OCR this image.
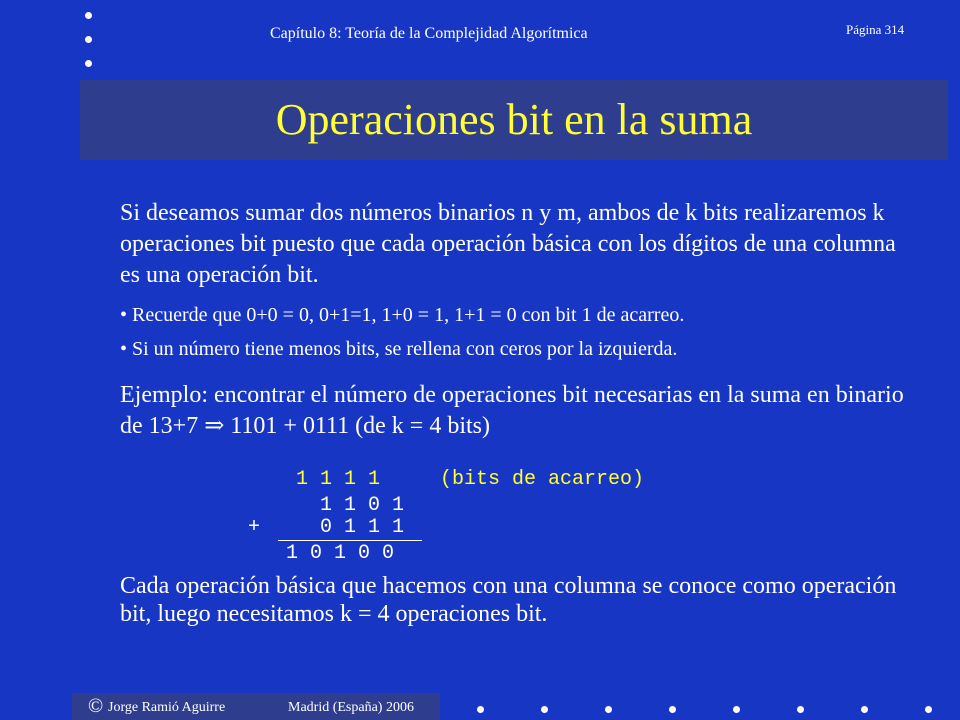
Capítulo 8: Teoría de la Complejidad Algorítmica	Página 314
Operaciones bit en la suma
Si deseamos sumar dos números binarios n y m, ambos de k bits realizaremos k operaciones bit puesto que cada operación básica con los dígitos de una columna es una operación bit.
• Recuerde que 0+0 = 0, 0+1=1, 1+0 = 1, 1+1 = 0 con bit 1 de acarreo.
• Si un número tiene menos bits, se rellena con ceros por la izquierda.
Ejemplo: encontrar el número de operaciones bit necesarias en la suma en binario de 13+7 ⇒ 1101 + 0111 (de k = 4 bits)
1 1 1 1	(bits de acarreo)
1 1 0 1
+	0 1 1 1
1 0 1 0 0
Cada operación básica que hacemos con una columna se conoce como operación bit, luego necesitamos k = 4 operaciones bit.
© Jorge Ramió Aguirre	Madrid (España) 2006
